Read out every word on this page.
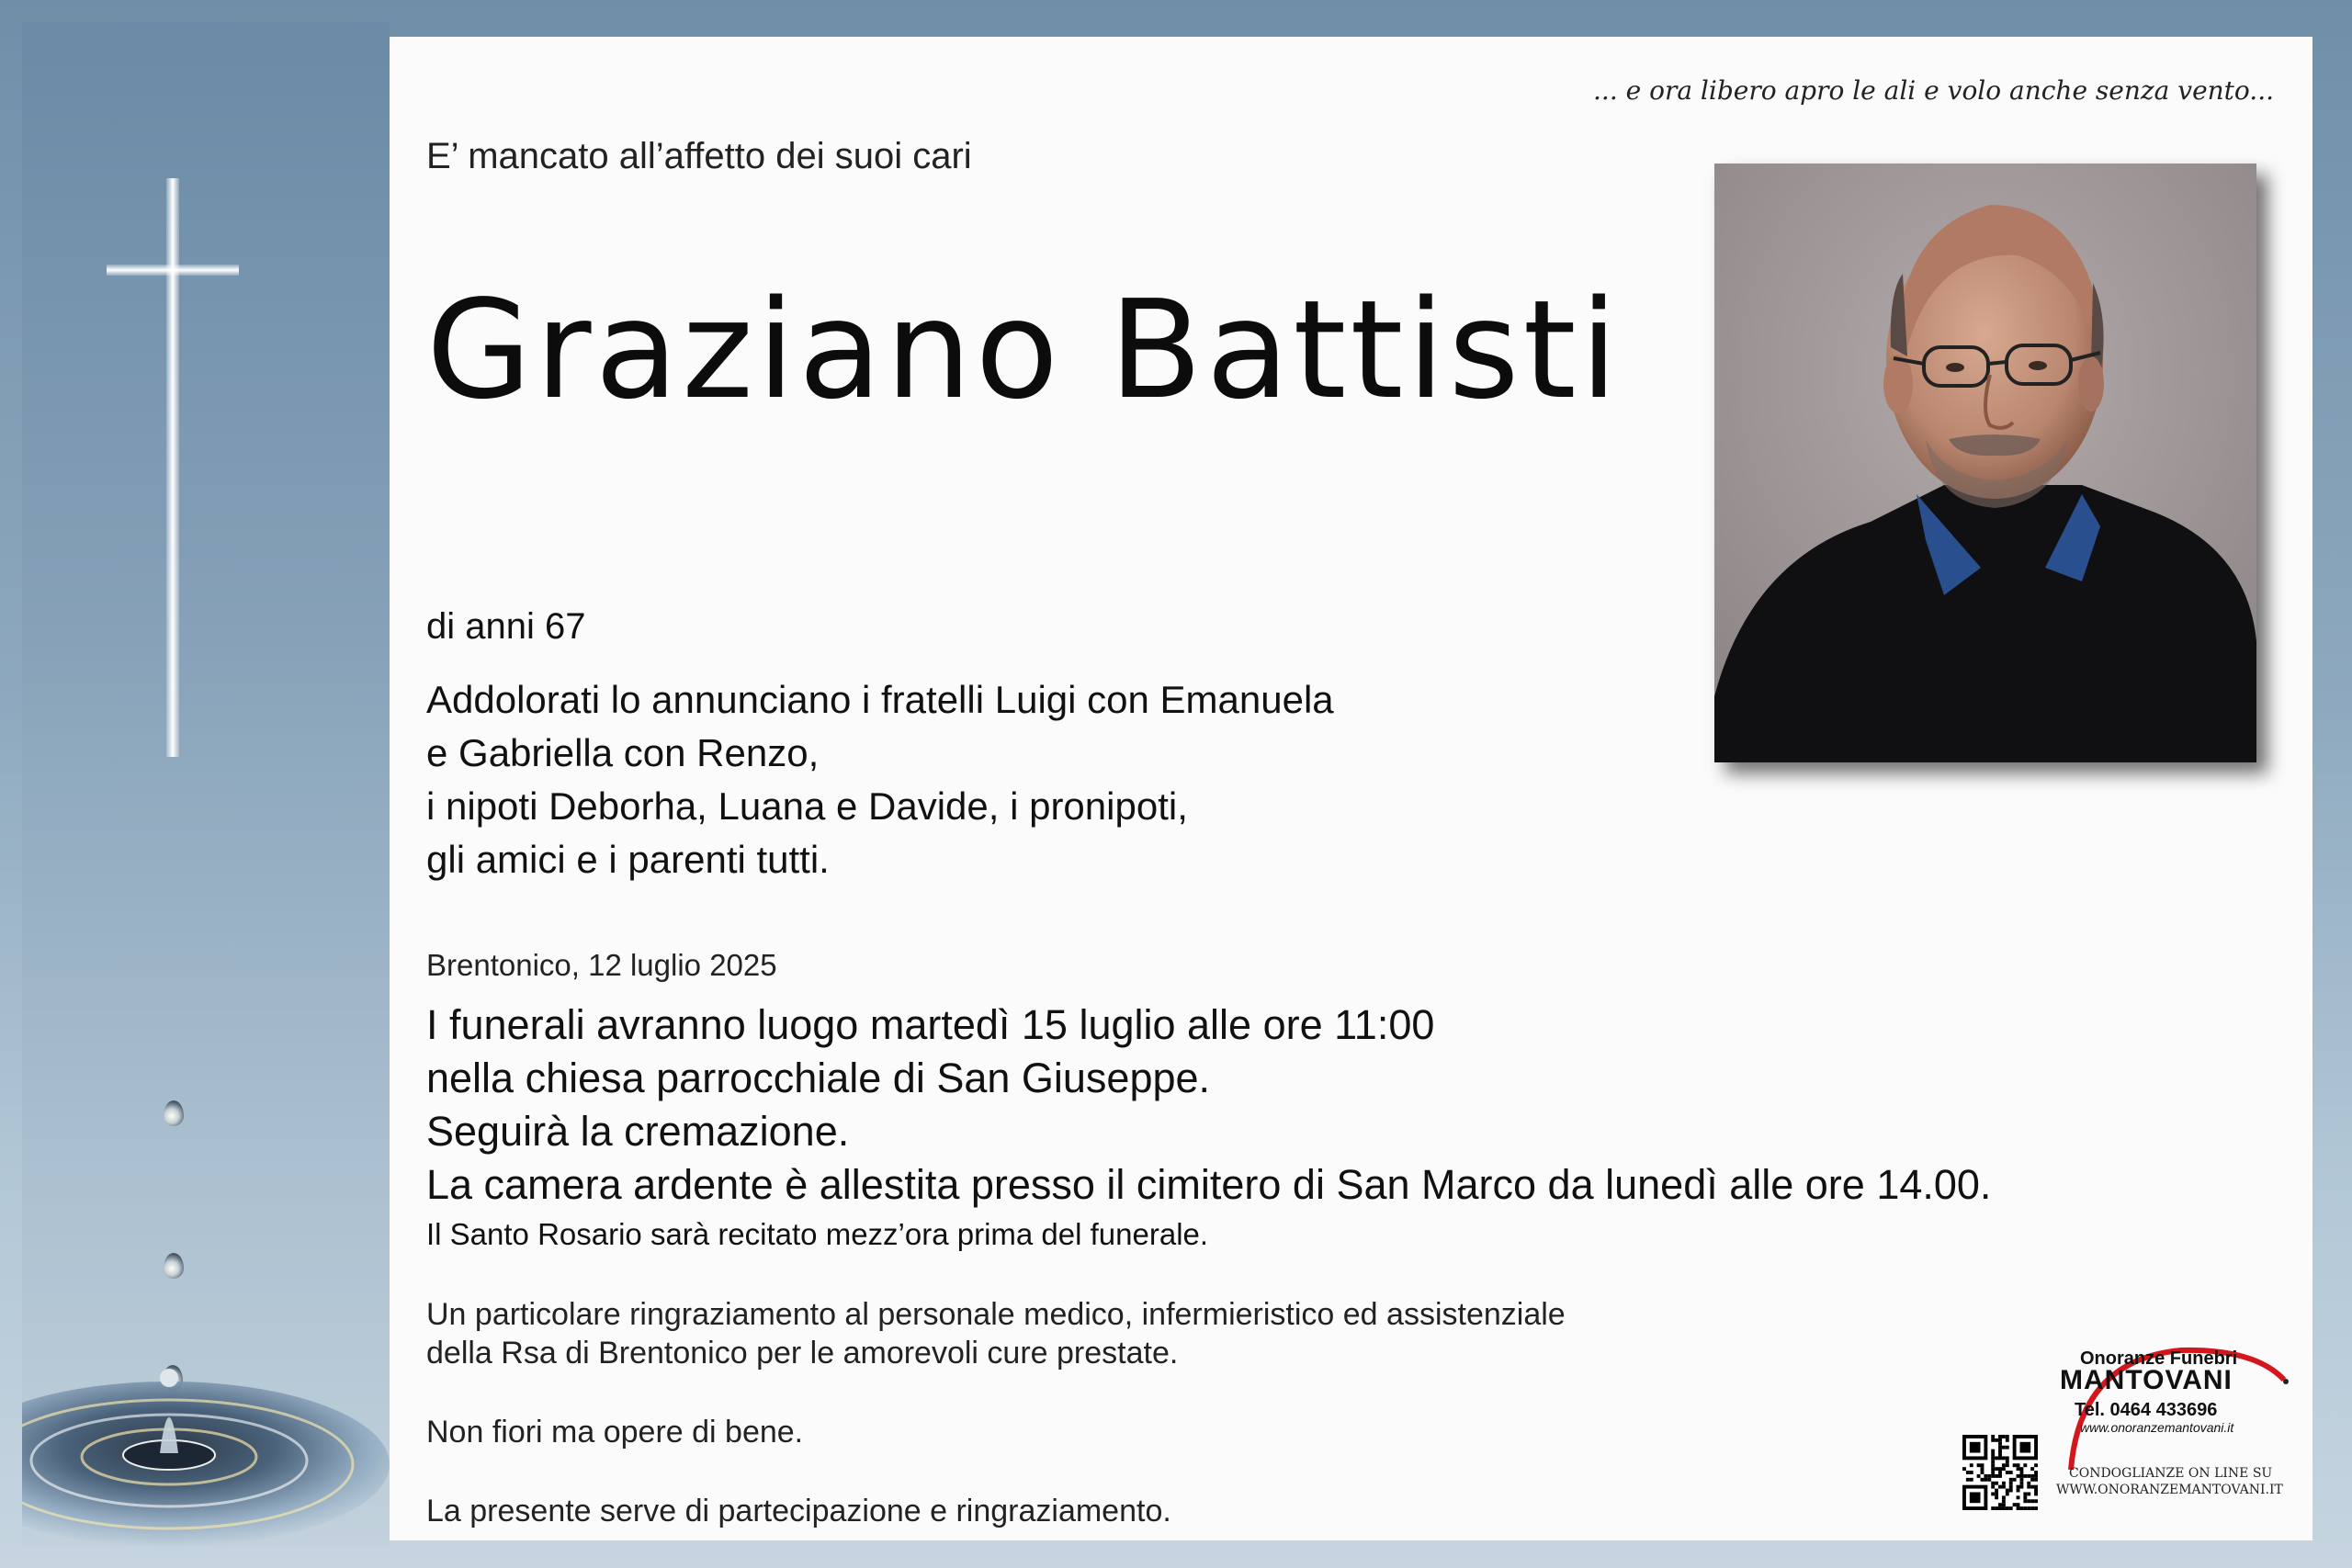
... e ora libero apro le ali e volo anche senza vento...
E’ mancato all’affetto dei suoi cari
Graziano Battisti
di anni 67
Addolorati lo annunciano i fratelli Luigi con Emanuela
e Gabriella con Renzo,
i nipoti Deborha, Luana e Davide, i pronipoti,
gli amici e i parenti tutti.
Brentonico, 12 luglio 2025
I funerali avranno luogo martedì 15 luglio alle ore 11:00
nella chiesa parrocchiale di San Giuseppe.
Seguirà la cremazione.
La camera ardente è allestita presso il cimitero di San Marco da lunedì alle ore 14.00.
Il Santo Rosario sarà recitato mezz’ora prima del funerale.
Un particolare ringraziamento al personale medico, infermieristico ed assistenziale
della Rsa di Brentonico per le amorevoli cure prestate.
Non fiori ma opere di bene.
La presente serve di partecipazione e ringraziamento.
Onoranze Funebri
MANTOVANI
Tel. 0464 433696
www.onoranzemantovani.it
CONDOGLIANZE ON LINE SU
WWW.ONORANZEMANTOVANI.IT
